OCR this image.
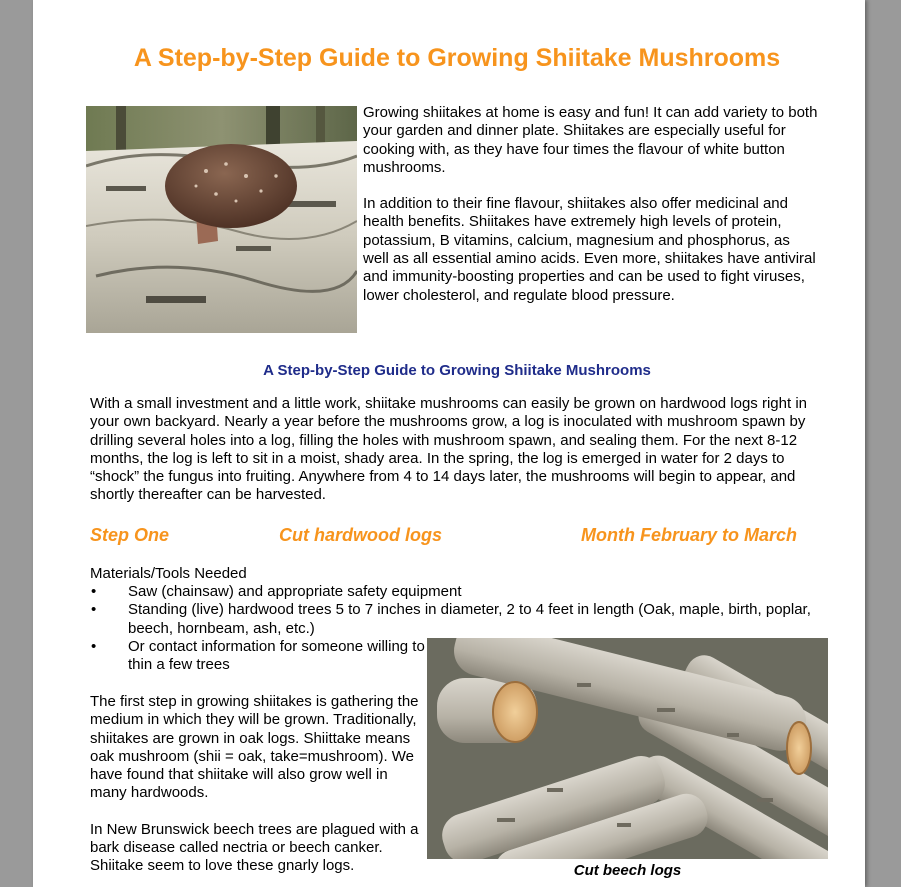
A Step-by-Step Guide to Growing Shiitake Mushrooms

Growing shiitakes at home is easy and fun! It can add variety to both your garden and dinner plate. Shiitakes are especially useful for cooking with, as they have four times the flavour of white button mushrooms.

In addition to their fine flavour, shiitakes also offer medicinal and health benefits. Shiitakes have extremely high levels of protein, potassium, B vitamins, calcium, magnesium and phosphorus, as well as all essential amino acids. Even more, shiitakes have antiviral and immunity-boosting properties and can be used to fight viruses, lower cholesterol, and regulate blood pressure.

A Step-by-Step Guide to Growing Shiitake Mushrooms
With a small investment and a little work, shiitake mushrooms can easily be grown on hardwood logs right in your own backyard. Nearly a year before the mushrooms grow, a log is inoculated with mushroom spawn by drilling several holes into a log, filling the holes with mushroom spawn, and sealing them. For the next 8-12 months, the log is left to sit in a moist, shady area. In the spring, the log is emerged in water for 2 days to “shock” the fungus into fruiting. Anywhere from 4 to 14 days later, the mushrooms will begin to appear, and shortly thereafter can be harvested.
Step One	Cut hardwood logs	Month February to March
Materials/Tools Needed
• Saw (chainsaw) and appropriate safety equipment
• Standing (live) hardwood trees 5 to 7 inches in diameter, 2 to 4 feet in length (Oak, maple, birth, poplar, beech, hornbeam, ash, etc.)
• Or contact information for someone willing to thin a few trees

The first step in growing shiitakes is gathering the medium in which they will be grown. Traditionally, shiitakes are grown in oak logs. Shiittake means oak mushroom (shii = oak, take=mushroom). We have found that shiitake will also grow well in many hardwoods.

In New Brunswick beech trees are plagued with a bark disease called nectria or beech canker. Shiitake seem to love these gnarly logs.	Cut beech logs
